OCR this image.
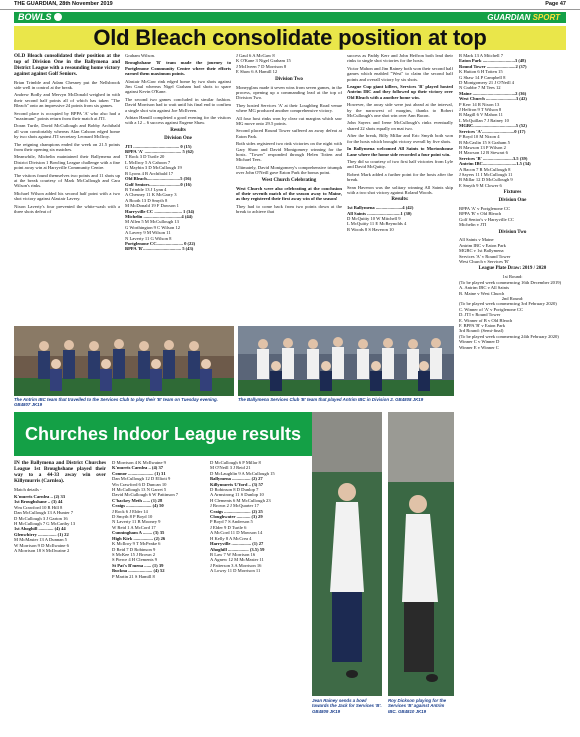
THE GUARDIAN, 28th November 2019	Page 47
BOWLS	GUARDIAN SPORT
Old Bleach consolidate position at top

OLD Bleach consolidated their position at the top of Division One in the Ballymena and District League with a resounding home victory against against Golf Seniors.

Brian Trimble and Adam Chesney put the Nellsbrook side well in control at the break.

Andrew Bodly and Mervyn McDonald weighed in with their second half points all of which has taken "The Bleach" onto an impressive 24 points from six games.

Second place is occupied by BPPA 'A' who also had a "maximum" points return from their match at JTI.

Doran Turtle, David McCullough and Bobby Archibald all won comfortably whereas Alan Cahoon edged home by two shots against JTI secretary Leonard McIlroy.

The reigning champions ended the week on 21.5 points from their opening six matches.

Meanwhile, Michelin maintained their Ballymena and District Division 1 Bowling League challenge with a fine point away win at Harryville Community Centre.

The visitors found themselves two points and 11 shots up at the break courtesy of Mark McCullough and Cara Wilson's rinks.

Michael Wilson added his second half point with a two shot victory against Alastair Lavery.

Nixon Laverty's four prevented the white-wash with a three shots defeat of

Graham Wilson.

Broughshane 'B' team made the journey to Portglenone Community Centre where their efforts earned them maximum points.

Alastair McGaw rink edged home by two shots against Jim Gaul whereas Nigel Graham had shots to spare against Kevin O'Kane.

The second two games concluded in similar fashion. David Morrison had to wait until his final end to confirm a single shot win against Joe McIlveen.

Adrian Hamill completed a good evening for the visitors with a 12 – 6 success against Eugene Shaw.

Results
Division One
JTI ........................................ 0 (15)
BPPA 'A' ................................ 5 (62)
T Rock 3 D Turtle 20
L McIlroy 5 A Cahoon 7
G Maybin 3 D McCullough 19
B Lyons 4 B Archibald 17
Old Bleach.............................5 (56)
Golf Seniors...........................0 (16)
B Trimble 13 J Lynn 4
A Chesney 11 K McGarry 3
A Booth 13 D Smyth 8
M McDonald 19 F Dawson 1
Harryville CC ........................ 1 (34)
Michelin .................................4 (44)
M Allen 5 M McCullough 13
G Worthington 9 C Wilson 12
A Lavery 9 M Wilson 11
N Laverty 11 G Wilson 8
Portglenone CC....................... 0 (22)
BPPA 'B'................................. 5 (43)
J Gaul 6 A McGaw 8
K O'Kane 3 Nigel Graham 15
J McIlveen 7 D Morrison 8
E Shaw 6 A Hamill 12
Division Two

Moneyglass made it seven wins from seven games, in the process, opening up a commanding lead at the top of Division Two.

They hosted Services 'A' at their Loughbeg Road venue where MG produced another comprehensive victory.

All four host rinks won by clear cut margins which saw MG move onto 29.5 points.

Second placed Round Tower suffered an away defeat at Eaton Park.

Both sides registered two rink victories on the night with Gary Shaw and David Montgomery winning for the hosts. "Tower" responded through Helen Totten and Michael Tees.

Ultimately, David Montgomery's comprehensive triumph over John O'Neill gave Eaton Park the bonus point.

West Church Celebrating

West Church were also celebrating at the conclusion of their seventh match of the season away to Maine, as they registered their first away win of the season!

They had to come back from two points down at the break to achieve that

success as Paddy Kerr and John Heffron both lead their rinks to single shot victories for the hosts.

Victor Mahon and Jim Rainey both won their second half games which enabled "West" to claim the second half points and overall victory by six shots.

League Cup giant killers, Services 'B' played hosted Antrim IBC and they followed up their victory over Old Bleach with a another home win.

However, the away side were just ahead at the interval, by the narrowest of margins, thanks to Robert McCullough's one shot win over Ann Bacon.

John Sayers and Irene McCullough's rinks eventually shared 22 shots equally on mat two.

After the break, Billy Millar and Eric Smyth both won for the hosts which brought victory overall by five shots.

In Ballymena welcomed All Saints to Mortonhouse Lane where the home side recorded a four point win.

They did so courtesy of two first half victories from Lyle and David McQuitty.

Robert Mark added a further point for the hosts after the break.

Sean Haveron was the solitary winning All Saints skip with a two shot victory against Roland Woods.

Results:
1st Ballymena .......................4 (42)
All Saints .............................1 (30)
D McQuitty 10 W Mitchell 9
L McQuitty 11 E McReynolds 4
R Woods 8 S Haveron 10
R Mark 13 A Mitchell 7
Eaton Park ............................3 (48)
Round Tower .........................2 (37)
K Hutton 6 H Totten 15
G Shaw 14 P Campbell 8
D Montgomery 21 J O'Neill 4
N Crabbe 7 M Tees 12
Maine .....................................2 (36)
West Church ..........................3 (42)
P Kerr 14 R Nixon 13
J Heffron 9 T Wilson 8
R Magill 6 V Mahon 11
L McQuillan 7 J Rainey 10
MGBC.....................................5 (52)
Services 'A'............................0 (17)
P Boyd 10 M Nixon 4
B McCaslin 15 S Graham 5
B Mawson 13 P Wilson 2
H Mawson 12 B Stewart 6
Services 'B' ..........................3.5 (39)
Antrim IBC.............................1.5 (34)
A Bacon 7 R McCullough 8
J Sayers 11 I McCullough 11
B Millar 12 D McCullough 9
E Smyth 9 M Clower 6
Fixtures
Division One
BPPA 'A' v Portglenone CC
BPPA 'B' v Old Bleach
Golf Senior's v Harryville CC
Michelin v JTI
Division Two
All Saints v Maine
Antrim IBC v Eaton Park
MGBC v 1st Ballymena
Services 'A' v Round Tower
West Church v Services 'B'
League Plate Draw: 2019 / 2020
1st Round:
(To be played week commencing 16th December 2019)
A. Antrim IBC v All Saints
B. Maine v West Church
2nd Round:
(To be played week commencing 3rd February 2020)
C. Winner of 'A' v Portglenone CC
D. JTI v Round Tower
E. Winner of B v Old Bleach
F. BPPA 'B' v Eaton Park
3rd Round: (Semi-final)
(To be played week commencing 24th February 2020)
Winner C v Winner D
Winner E v Winner C
The Antrim IBC team that travelled to the Services Club to play their 'B' team on Tuesday evening. GB4807 JK19
The Ballymena Services Club 'B' team that played Antrim IBC in Division 2. GB4808 JK19
Churches Indoor League results

IN the Ballymena and District Churches League 1st Broughshane played their way to a 44-33 away win over Killymurris (Carnlea).

Match details -

K'murris Carnlea .. (2) 33
1st Broughshane .. (3) 44
Wm Crawford 10 R Hill 8
Dan McCullough 13 A Hunter 7
D McCullough 3 J Garton 16
H McCullough 7 G McCarthy 13
1st Ahoghill ............. (4) 44
Glenwhirry ................ (1) 22
M McMaster 13 A Dunnan 5
W Morrison 9 D McIlwaine 6
A Morrison 18 S McIlwaine 2
D Morrison 4 K McIlwaine 9
K'murris Carnlea .. (4) 37
Connor ...................... (1) 31
Dan McCullough 12 D Elliott 9
Wn Crawford 6 D Duncan 10
H McCullough 13 N Garret 5
David McCullough 6 W Pattinson 7
C'backey Meth ...... (1) 28
Craigs ...................... (4) 50
J Rock 6 J Elder 14
D Smyth 8 P Boyd 10
N Laverty 11 B Mooney 9
W Reid 1 A McCord 17
Cunningham A ........ (3) 35
High Kirk ................. (2) 26
K McIlroy 9 T McPeake 6
D Reid 7 D Robinson 9
S McKee 15 J Brown 2
S Pierce 4 H Clements 9
St Pat's B'mena ...... (1) 39
Buckna ..................... (4) 52
P Martin 21 S Hamill 8
D McCullough 6 P Millar 8
M O'Neill 3 J Reid 21
D McLaughlin 9 A McCullough 15
Ballymena ................ (2) 27
Killymurris U'ford .. (3) 57
D Robinson 8 D Dunlop 7
A Armstrong 11 S Dunlop 10
H Clements 6 M McCullough 23
J Brown 2 J McQuarter 17
Craigs ....................... (2) 25
Cloughwater ............ (3) 29
P Boyd 7 S Anderson 5
J Elder 9 D Turtle 6
A McCord 11 D Mawson 14
H Kelly 8 A McCrea 4
Harryville ................. (1) 27
Ahoghill .................. (3.5) 59
B Law 7 W Morrison 16
A Agnew 12 M McMaster 11
J Patterson 3 A Morrison 16
A Lowry 11 D Morrison 11
Jean Rainey sends a bowl towards the Jack for Services 'B'. GB4809 JK19
Roy Dickson playing for the Services 'B' against Antrim IBC. GB4810 JK19
